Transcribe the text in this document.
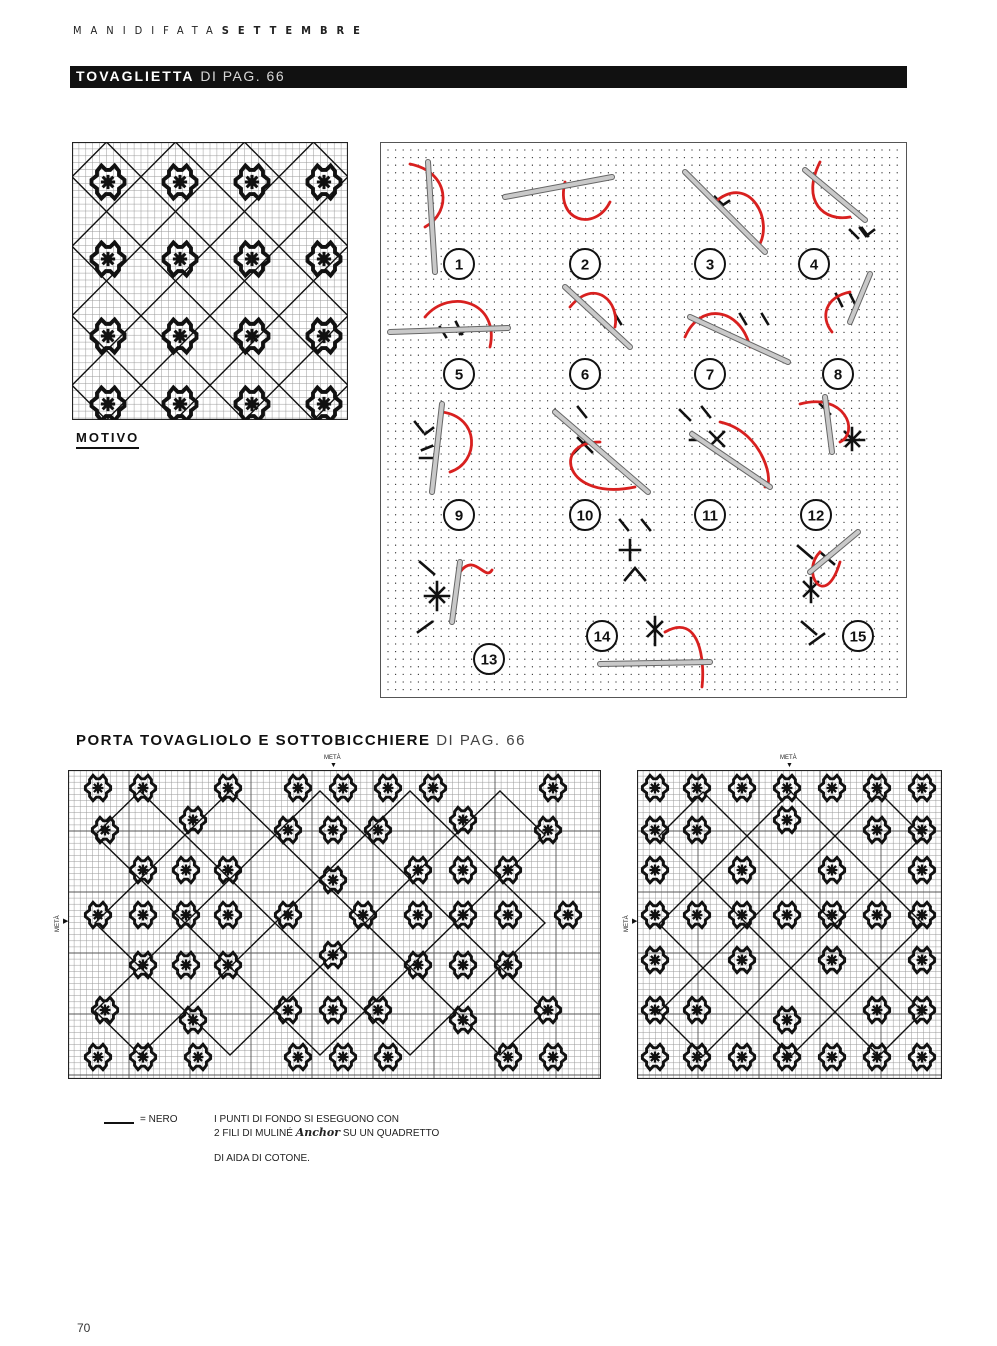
MANIDIFATASETTEMBRE
TOVAGLIETTA DI PAG. 66
MOTIVO
1	2	3	4
5	6	7	8
9	10	11	12
13
14	15
PORTA TOVAGLIOLO E SOTTOBICCHIERE DI PAG. 66
METÀ
▼
METÀ ▶
METÀ
▼
METÀ ▶
= NERO	I PUNTI DI FONDO SI ESEGUONO CON
2 FILI DI MULINÉ Anchor SU UN QUADRETTO
DI AIDA DI COTONE.
70
